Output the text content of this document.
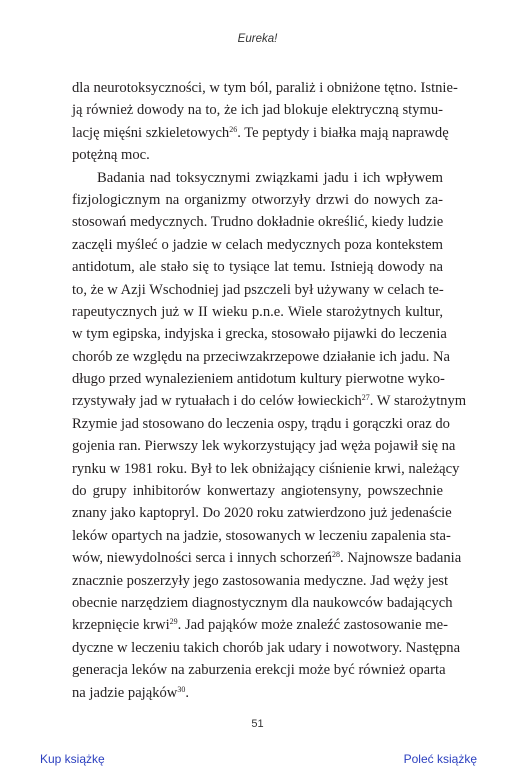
Eureka!
dla neurotoksyczności, w tym ból, paraliż i obniżone tętno. Istnie-
ją również dowody na to, że ich jad blokuje elektryczną stymu-
lację mięśni szkieletowych$^{26}$. Te peptydy i białka mają naprawdę
potężną moc.
Badania nad toksycznymi związkami jadu i ich wpływem
fizjologicznym na organizmy otworzyły drzwi do nowych za-
stosowań medycznych. Trudno dokładnie określić, kiedy ludzie
zaczęli myśleć o jadzie w celach medycznych poza kontekstem
antidotum, ale stało się to tysiące lat temu. Istnieją dowody na
to, że w Azji Wschodniej jad pszczeli był używany w celach te-
rapeutycznych już w II wieku p.n.e. Wiele starożytnych kultur,
w tym egipska, indyjska i grecka, stosowało pijawki do leczenia
chorób ze względu na przeciwzakrzepowe działanie ich jadu. Na
długo przed wynalezieniem antidotum kultury pierwotne wyko-
rzystywały jad w rytuałach i do celów łowieckich$^{27}$. W starożytnym
Rzymie jad stosowano do leczenia ospy, trądu i gorączki oraz do
gojenia ran. Pierwszy lek wykorzystujący jad węża pojawił się na
rynku w 1981 roku. Był to lek obniżający ciśnienie krwi, należący
do grupy inhibitorów konwertazy angiotensyny, powszechnie
znany jako kaptopryl. Do 2020 roku zatwierdzono już jedenaście
leków opartych na jadzie, stosowanych w leczeniu zapalenia sta-
wów, niewydolności serca i innych schorzeń$^{28}$. Najnowsze badania
znacznie poszerzyły jego zastosowania medyczne. Jad węży jest
obecnie narzędziem diagnostycznym dla naukowców badających
krzepnięcie krwi$^{29}$. Jad pająków może znaleźć zastosowanie me-
dyczne w leczeniu takich chorób jak udary i nowotwory. Następna
generacja leków na zaburzenia erekcji może być również oparta
na jadzie pająków$^{30}$.
51
Kup książkę	Poleć książkę
